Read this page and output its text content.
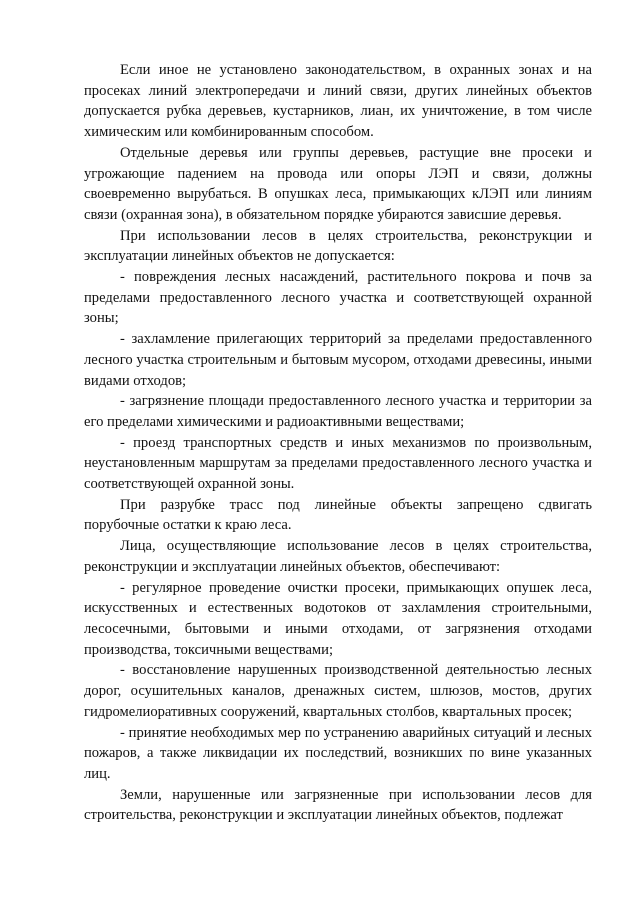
Если иное не установлено законодательством, в охранных зонах и на просеках линий электропередачи и линий связи, других линейных объектов допускается рубка деревьев, кустарников, лиан, их уничтожение, в том числе химическим или комбинированным способом.

Отдельные деревья или группы деревьев, растущие вне просеки и угрожающие падением на провода или опоры ЛЭП и связи, должны своевременно вырубаться. В опушках леса, примыкающих кЛЭП или линиям связи (охранная зона), в обязательном порядке убираются зависшие деревья.

При использовании лесов в целях строительства, реконструкции и эксплуатации линейных объектов не допускается:

- повреждения лесных насаждений, растительного покрова и почв за пределами предоставленного лесного участка и соответствующей охранной зоны;

- захламление прилегающих территорий за пределами предоставленного лесного участка строительным и бытовым мусором, отходами древесины, иными видами отходов;

- загрязнение площади предоставленного лесного участка и территории за его пределами химическими и радиоактивными веществами;

- проезд транспортных средств и иных механизмов по произвольным, неустановленным маршрутам за пределами предоставленного лесного участка и соответствующей охранной зоны.

При разрубке трасс под линейные объекты запрещено сдвигать порубочные остатки к краю леса.

Лица, осуществляющие использование лесов в целях строительства, реконструкции и эксплуатации линейных объектов, обеспечивают:

- регулярное проведение очистки просеки, примыкающих опушек леса, искусственных и естественных водотоков от захламления строительными, лесосечными, бытовыми и иными отходами, от загрязнения отходами производства, токсичными веществами;

- восстановление нарушенных производственной деятельностью лесных дорог, осушительных каналов, дренажных систем, шлюзов, мостов, других гидромелиоративных сооружений, квартальных столбов, квартальных просек;

- принятие необходимых мер по устранению аварийных ситуаций и лесных пожаров, а также ликвидации их последствий, возникших по вине указанных лиц.

Земли, нарушенные или загрязненные при использовании лесов для строительства, реконструкции и эксплуатации линейных объектов, подлежат
